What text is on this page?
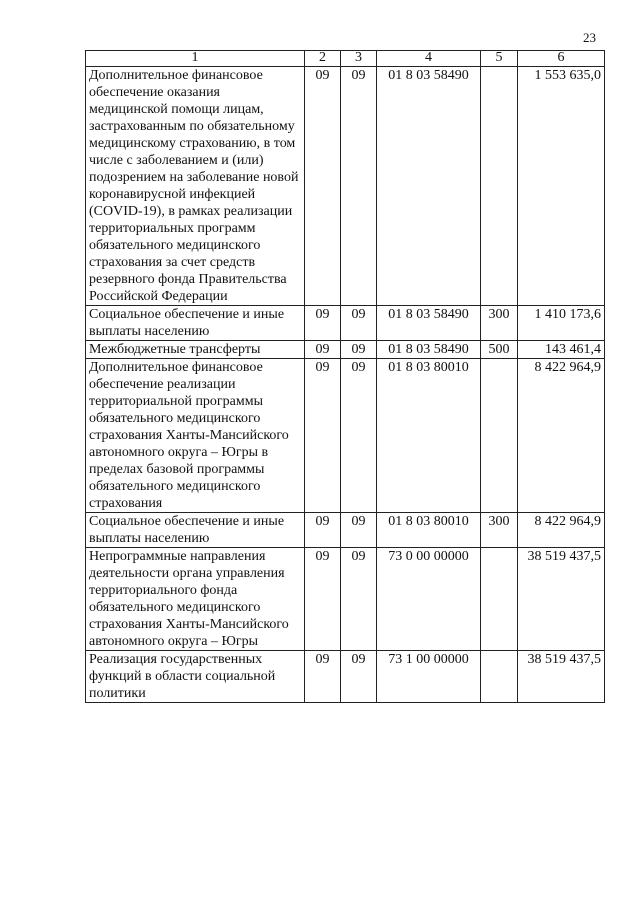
23
1	2	3	4	5	6
Дополнительное финансовое обеспечение оказания медицинской помощи лицам, застрахованным по обязательному медицинскому страхованию, в том числе с заболеванием и (или) подозрением на заболевание новой коронавирусной инфекцией (COVID-19), в рамках реализации территориальных программ обязательного медицинского страхования за счет средств резервного фонда Правительства Российской Федерации	09	09	01 8 03 58490		1 553 635,0
Социальное обеспечение и иные выплаты населению	09	09	01 8 03 58490	300	1 410 173,6
Межбюджетные трансферты	09	09	01 8 03 58490	500	143 461,4
Дополнительное финансовое обеспечение реализации территориальной программы обязательного медицинского страхования Ханты-Мансийского автономного округа – Югры в пределах базовой программы обязательного медицинского страхования	09	09	01 8 03 80010		8 422 964,9
Социальное обеспечение и иные выплаты населению	09	09	01 8 03 80010	300	8 422 964,9
Непрограммные направления деятельности органа управления территориального фонда обязательного медицинского страхования Ханты-Мансийского автономного округа – Югры	09	09	73 0 00 00000		38 519 437,5
Реализация государственных функций в области социальной политики	09	09	73 1 00 00000		38 519 437,5
